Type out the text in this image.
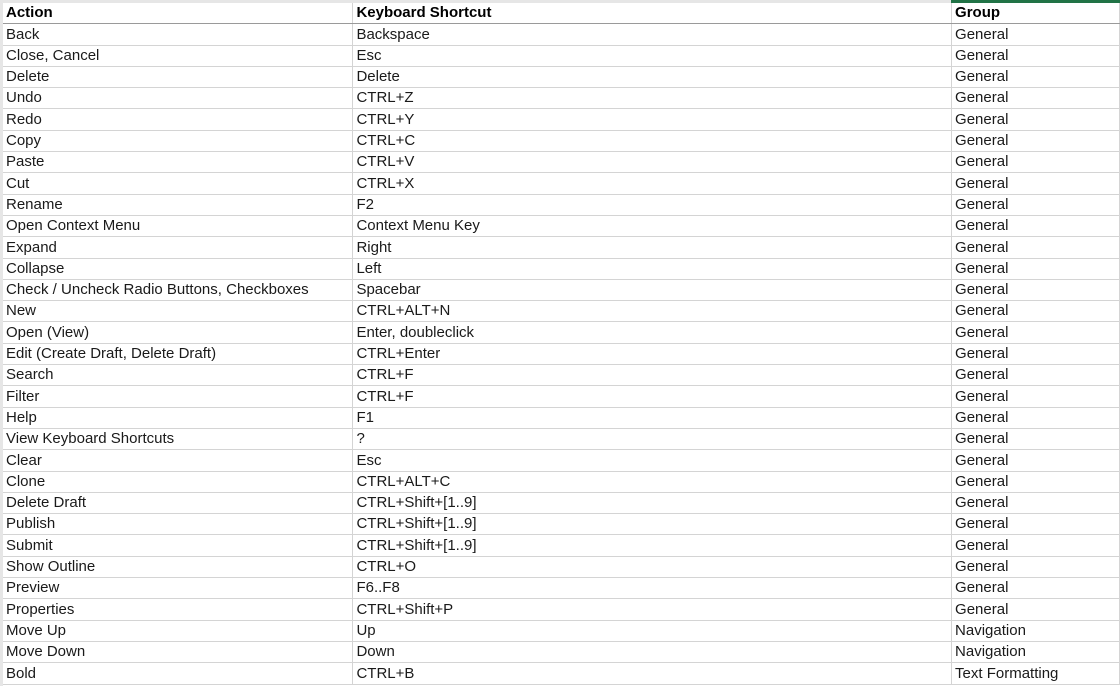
Action	Keyboard Shortcut	Group
Back	Backspace	General
Close, Cancel	Esc	General
Delete	Delete	General
Undo	CTRL+Z	General
Redo	CTRL+Y	General
Copy	CTRL+C	General
Paste	CTRL+V	General
Cut	CTRL+X	General
Rename	F2	General
Open Context Menu	Context Menu Key	General
Expand	Right	General
Collapse	Left	General
Check / Uncheck Radio Buttons, Checkboxes	Spacebar	General
New	CTRL+ALT+N	General
Open (View)	Enter, doubleclick	General
Edit (Create Draft, Delete Draft)	CTRL+Enter	General
Search	CTRL+F	General
Filter	CTRL+F	General
Help	F1	General
View Keyboard Shortcuts	?	General
Clear	Esc	General
Clone	CTRL+ALT+C	General
Delete Draft	CTRL+Shift+[1..9]	General
Publish	CTRL+Shift+[1..9]	General
Submit	CTRL+Shift+[1..9]	General
Show Outline	CTRL+O	General
Preview	F6..F8	General
Properties	CTRL+Shift+P	General
Move Up	Up	Navigation
Move Down	Down	Navigation
Bold	CTRL+B	Text Formatting
